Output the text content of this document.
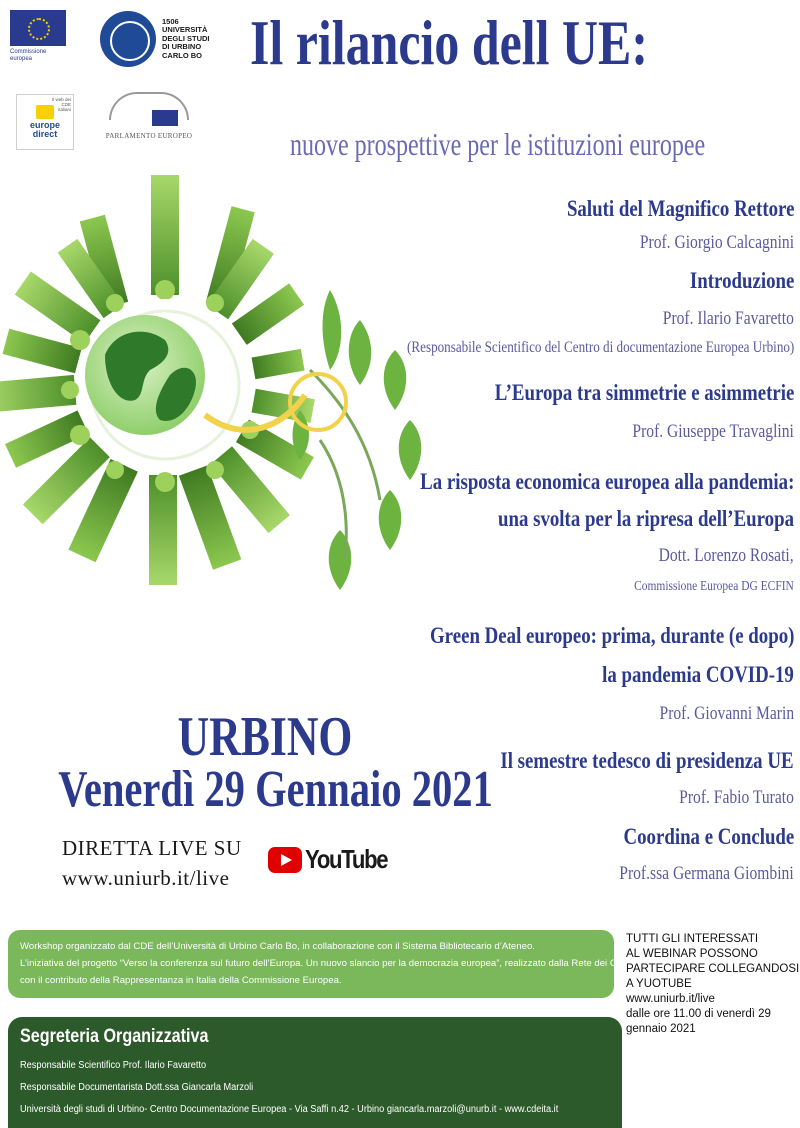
Commissione europea
1506
UNIVERSITÀ
DEGLI STUDI
DI URBINO
CARLO BO
Il web dei CDE italiani
europe
direct	PARLAMENTO EUROPEO
Il rilancio dell UE:
nuove prospettive per le istituzioni europee
Saluti del Magnifico Rettore
Prof. Giorgio Calcagnini
Introduzione
Prof. Ilario Favaretto
(Responsabile Scientifico del Centro di documentazione Europea Urbino)
L’Europa tra simmetrie e asimmetrie
Prof. Giuseppe Travaglini
La risposta economica europea alla pandemia:
una svolta per la ripresa dell’Europa
Dott. Lorenzo Rosati,
Commissione Europea DG ECFIN
Green Deal europeo: prima, durante (e dopo)
la pandemia COVID-19
Prof. Giovanni Marin
Il semestre tedesco di presidenza UE
Prof. Fabio Turato
Coordina e Conclude
Prof.ssa Germana Giombini
URBINO
Venerdì 29 Gennaio 2021
DIRETTA LIVE SU
www.uniurb.it/live
YouTube
Workshop organizzato dal CDE dell’Università di Urbino Carlo Bo, in collaborazione con il Sistema Bibliotecario d’Ateneo.
L’iniziativa del progetto “Verso la conferenza sul futuro dell’Europa. Un nuovo slancio per la democrazia europea”, realizzato dalla Rete dei CDE italiani
con il contributo della Rappresentanza in Italia della Commissione Europea.
Segreteria Organizzativa
Responsabile Scientifico Prof. Ilario Favaretto
Responsabile Documentarista Dott.ssa Giancarla Marzoli
Università degli studi di Urbino- Centro Documentazione Europea - Via Saffi n.42 - Urbino giancarla.marzoli@unurb.it - www.cdeita.it
TUTTI GLI INTERESSATI
AL WEBINAR POSSONO
PARTECIPARE COLLEGANDOSI
A YUOTUBE
www.uniurb.it/live
dalle ore 11.00 di venerdì 29
gennaio 2021
